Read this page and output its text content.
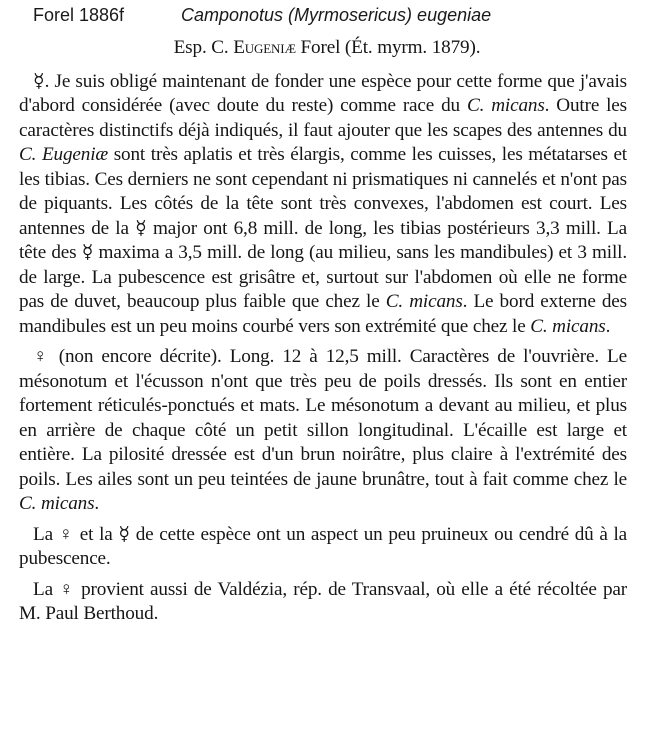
Forel 1886f	Camponotus (Myrmosericus) eugeniae
Esp. C. Eugeniæ Forel (Ét. myrm. 1879).

☿. Je suis obligé maintenant de fonder une espèce pour cette forme que j'avais d'abord considérée (avec doute du reste) comme race du C. micans. Outre les caractères distinctifs déjà indiqués, il faut ajouter que les scapes des antennes du C. Eugeniæ sont très aplatis et très élargis, comme les cuisses, les métatarses et les tibias. Ces derniers ne sont cependant ni prismatiques ni cannelés et n'ont pas de piquants. Les côtés de la tête sont très convexes, l'abdomen est court. Les antennes de la ☿ major ont 6,8 mill. de long, les tibias postérieurs 3,3 mill. La tête des ☿ maxima a 3,5 mill. de long (au milieu, sans les mandibules) et 3 mill. de large. La pubescence est grisâtre et, surtout sur l'abdomen où elle ne forme pas de duvet, beaucoup plus faible que chez le C. micans. Le bord externe des mandibules est un peu moins courbé vers son extrémité que chez le C. micans.

♀ (non encore décrite). Long. 12 à 12,5 mill. Caractères de l'ouvrière. Le mésonotum et l'écusson n'ont que très peu de poils dressés. Ils sont en entier fortement réticulés-ponctués et mats. Le mésonotum a devant au milieu, et plus en arrière de chaque côté un petit sillon longitudinal. L'écaille est large et entière. La pilosité dressée est d'un brun noirâtre, plus claire à l'extrémité des poils. Les ailes sont un peu teintées de jaune brunâtre, tout à fait comme chez le C. micans.

La ♀ et la ☿ de cette espèce ont un aspect un peu pruineux ou cendré dû à la pubescence.

La ♀ provient aussi de Valdézia, rép. de Transvaal, où elle a été récoltée par M. Paul Berthoud.
